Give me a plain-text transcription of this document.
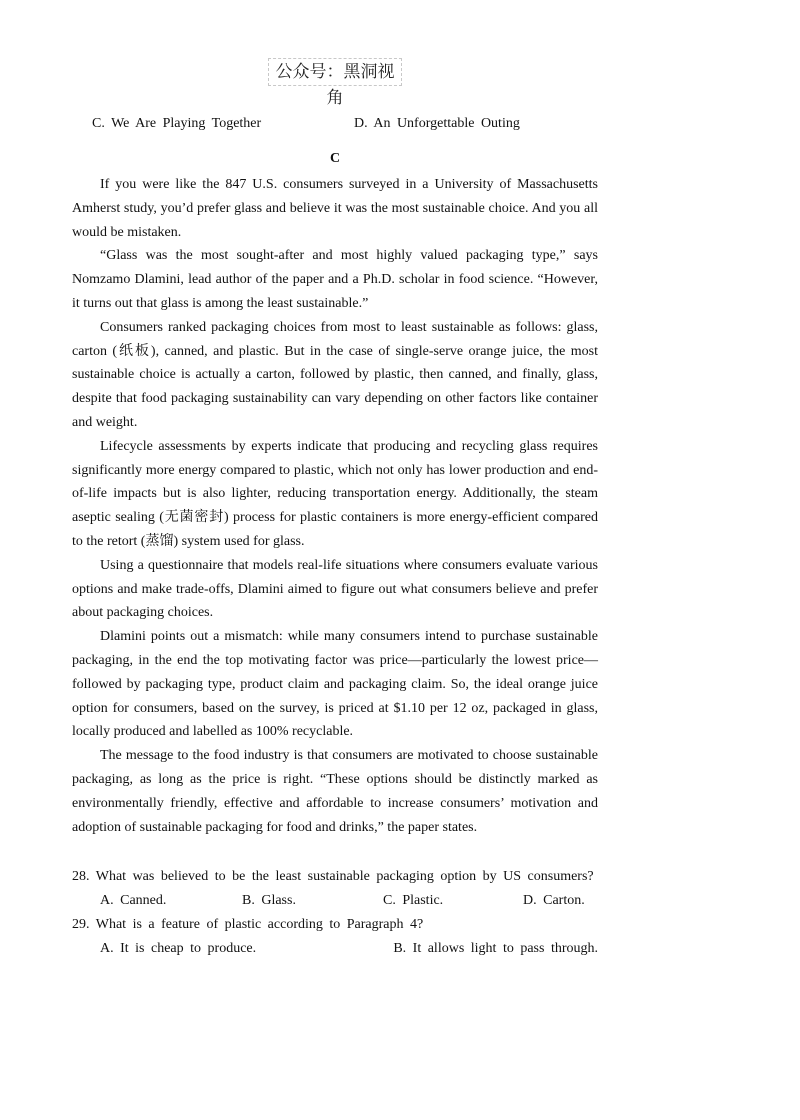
公众号：黑洞视角
C. We Are Playing Together	D. An Unforgettable Outing
C

If you were like the 847 U.S. consumers surveyed in a University of Massachusetts Amherst study, you’d prefer glass and believe it was the most sustainable choice. And you all would be mistaken.

“Glass was the most sought-after and most highly valued packaging type,” says Nomzamo Dlamini, lead author of the paper and a Ph.D. scholar in food science. “However, it turns out that glass is among the least sustainable.”

Consumers ranked packaging choices from most to least sustainable as follows: glass, carton (纸板), canned, and plastic. But in the case of single-serve orange juice, the most sustainable choice is actually a carton, followed by plastic, then canned, and finally, glass, despite that food packaging sustainability can vary depending on other factors like container and weight.

Lifecycle assessments by experts indicate that producing and recycling glass requires significantly more energy compared to plastic, which not only has lower production and end-of-life impacts but is also lighter, reducing transportation energy. Additionally, the steam aseptic sealing (无菌密封) process for plastic containers is more energy-efficient compared to the retort (蒸馏) system used for glass.

Using a questionnaire that models real-life situations where consumers evaluate various options and make trade-offs, Dlamini aimed to figure out what consumers believe and prefer about packaging choices.

Dlamini points out a mismatch: while many consumers intend to purchase sustainable packaging, in the end the top motivating factor was price—particularly the lowest price—followed by packaging type, product claim and packaging claim. So, the ideal orange juice option for consumers, based on the survey, is priced at $1.10 per 12 oz, packaged in glass, locally produced and labelled as 100% recyclable.

The message to the food industry is that consumers are motivated to choose sustainable packaging, as long as the price is right. “These options should be distinctly marked as environmentally friendly, effective and affordable to increase consumers’ motivation and adoption of sustainable packaging for food and drinks,” the paper states.

28. What was believed to be the least sustainable packaging option by US consumers?

A. Canned.	B. Glass.	C. Plastic.	D. Carton.

29. What is a feature of plastic according to Paragraph 4?

A. It is cheap to produce.	B. It allows light to pass through.
